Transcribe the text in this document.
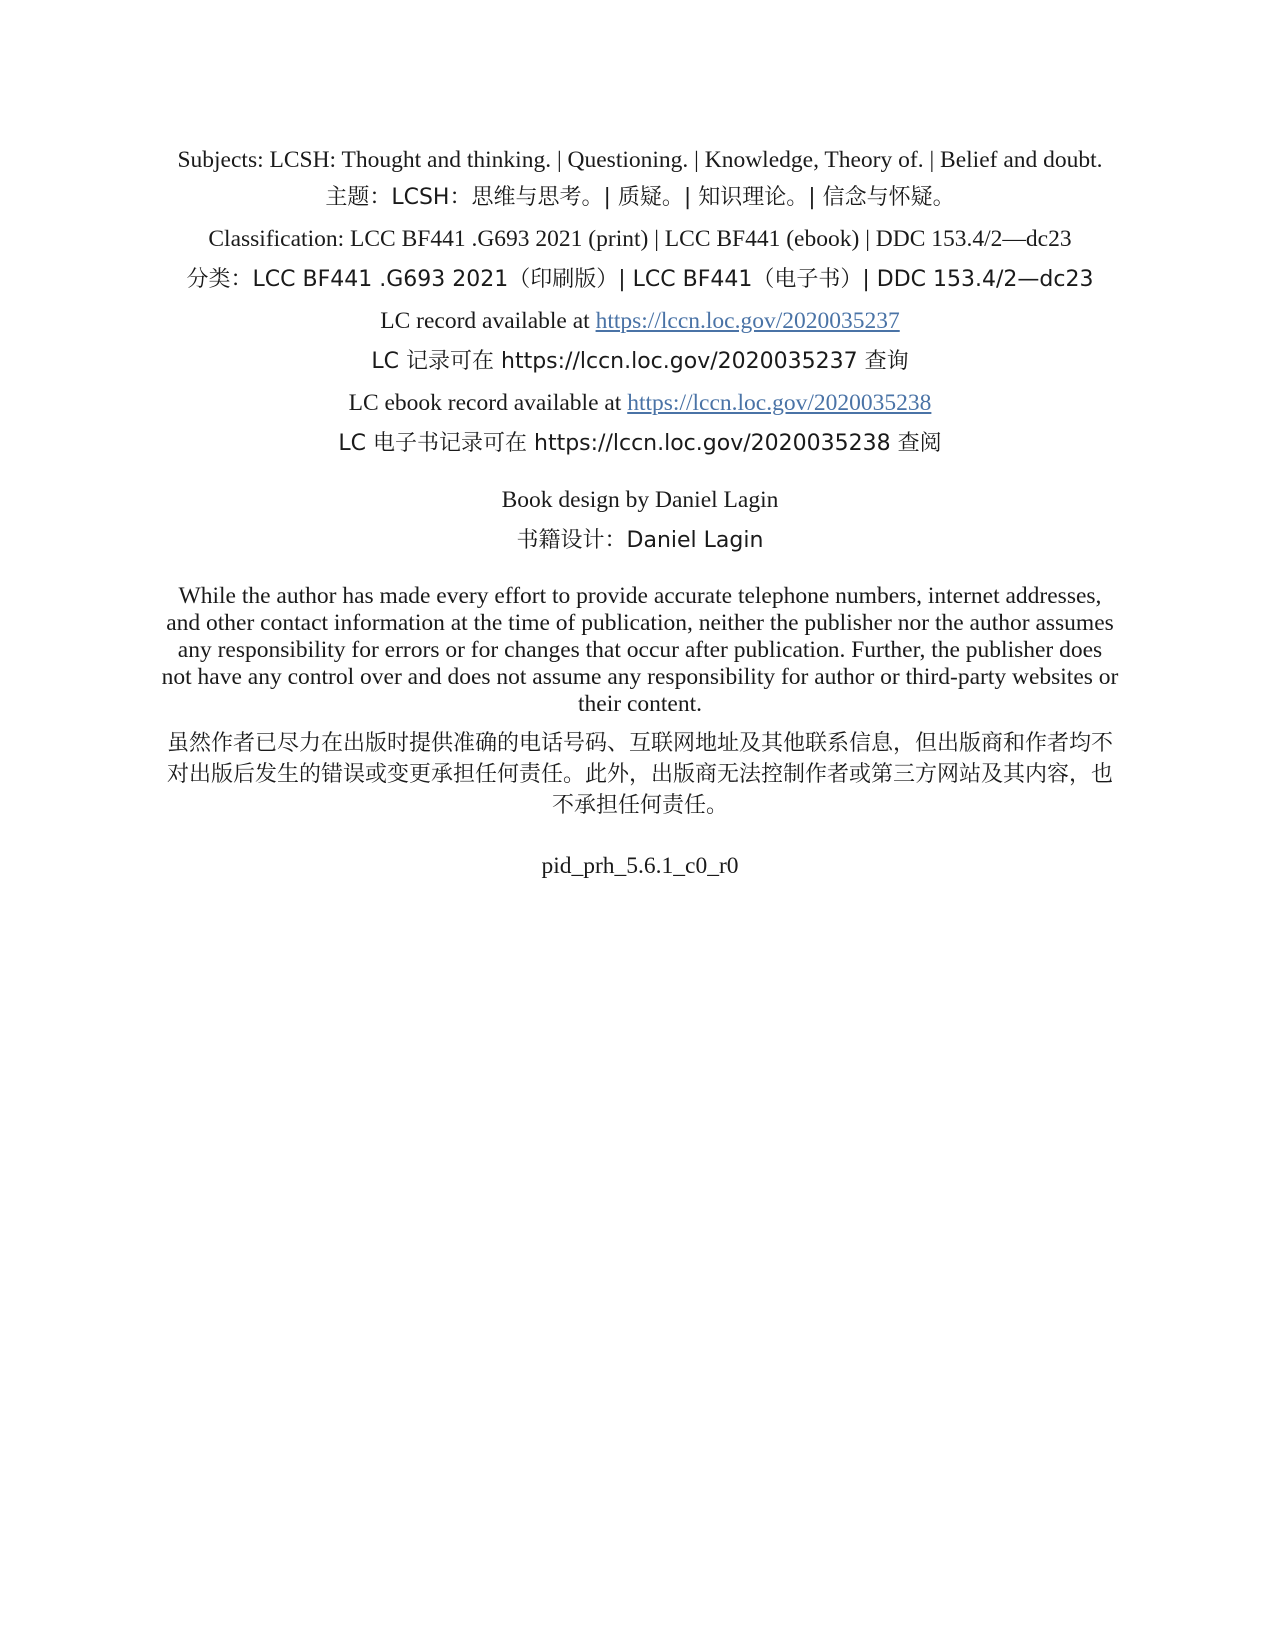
Subjects: LCSH: Thought and thinking. | Questioning. | Knowledge, Theory of. | Belief and doubt.

主题：LCSH：思维与思考。| 质疑。| 知识理论。| 信念与怀疑。

Classification: LCC BF441 .G693 2021 (print) | LCC BF441 (ebook) | DDC 153.4/2—dc23

分类：LCC BF441 .G693 2021（印刷版）| LCC BF441（电子书）| DDC 153.4/2—dc23

LC record available at https://lccn.loc.gov/2020035237

LC 记录可在 https://lccn.loc.gov/2020035237 查询

LC ebook record available at https://lccn.loc.gov/2020035238

LC 电子书记录可在 https://lccn.loc.gov/2020035238 查阅

Book design by Daniel Lagin

书籍设计：Daniel Lagin

While the author has made every effort to provide accurate telephone numbers, internet addresses, and other contact information at the time of publication, neither the publisher nor the author assumes any responsibility for errors or for changes that occur after publication. Further, the publisher does not have any control over and does not assume any responsibility for author or third-party websites or their content.

虽然作者已尽力在出版时提供准确的电话号码、互联网地址及其他联系信息，但出版商和作者均不对出版后发生的错误或变更承担任何责任。此外，出版商无法控制作者或第三方网站及其内容，也不承担任何责任。

pid_prh_5.6.1_c0_r0
